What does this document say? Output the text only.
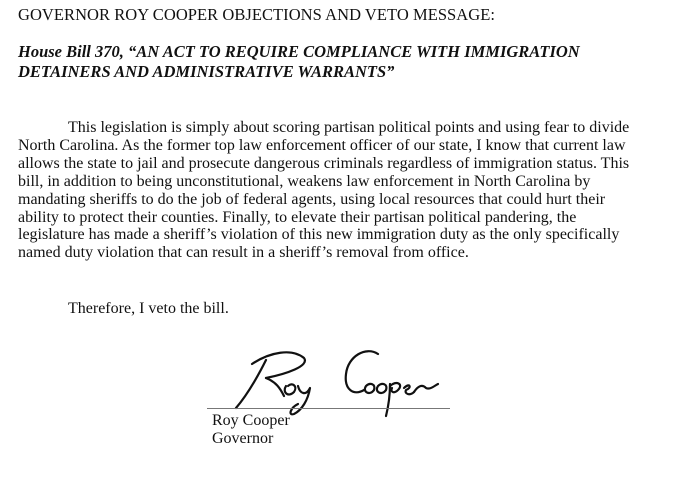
GOVERNOR ROY COOPER OBJECTIONS AND VETO MESSAGE:
House Bill 370, “AN ACT TO REQUIRE COMPLIANCE WITH IMMIGRATION
DETAINERS AND ADMINISTRATIVE WARRANTS”
This legislation is simply about scoring partisan political points and using fear to divide
North Carolina. As the former top law enforcement officer of our state, I know that current law
allows the state to jail and prosecute dangerous criminals regardless of immigration status. This
bill, in addition to being unconstitutional, weakens law enforcement in North Carolina by
mandating sheriffs to do the job of federal agents, using local resources that could hurt their
ability to protect their counties. Finally, to elevate their partisan political pandering, the
legislature has made a sheriff’s violation of this new immigration duty as the only specifically
named duty violation that can result in a sheriff’s removal from office.
Therefore, I veto the bill.
Roy Cooper
Governor
